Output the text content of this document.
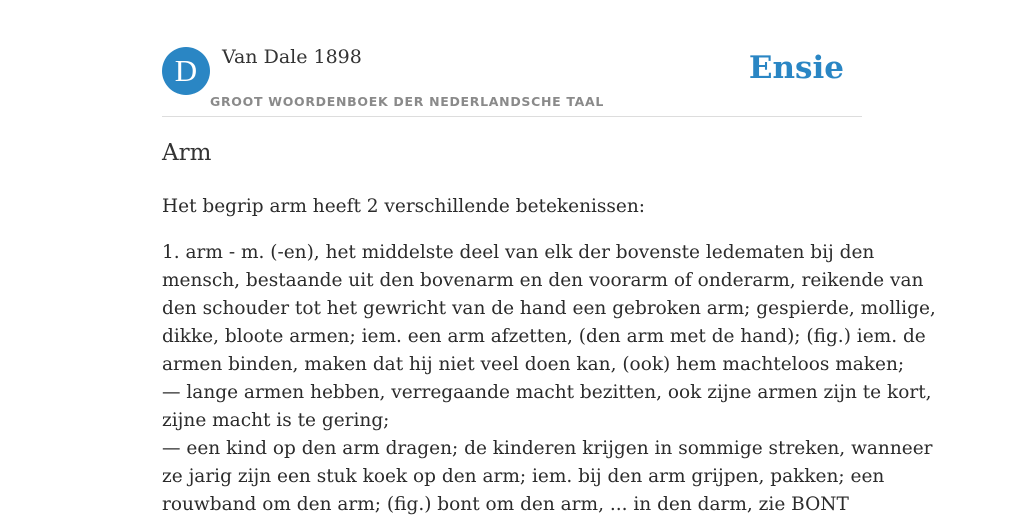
D	Van Dale 1898
GROOT WOORDENBOEK DER NEDERLANDSCHE TAAL
Ensie
Arm

Het begrip arm heeft 2 verschillende betekenissen:

1. arm - m. (-en), het middelste deel van elk der bovenste ledematen bij den
mensch, bestaande uit den bovenarm en den voorarm of onderarm, reikende van
den schouder tot het gewricht van de hand een gebroken arm; gespierde, mollige,
dikke, bloote armen; iem. een arm afzetten, (den arm met de hand); (fig.) iem. de
armen binden, maken dat hij niet veel doen kan, (ook) hem machteloos maken;
— lange armen hebben, verregaande macht bezitten, ook zijne armen zijn te kort,
zijne macht is te gering;
— een kind op den arm dragen; de kinderen krijgen in sommige streken, wanneer
ze jarig zijn een stuk koek op den arm; iem. bij den arm grijpen, pakken; een
rouwband om den arm; (fig.) bont om den arm, ... in den darm, zie BONT
